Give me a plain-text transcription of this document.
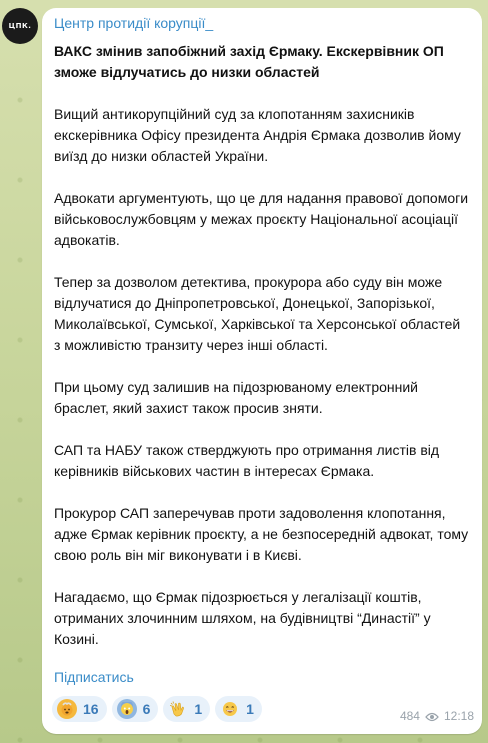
ЦПК. Центр протидії корупції_

ВАКС змінив запобіжний захід Єрмаку. Екскервівник ОП зможе відлучатись до низки областей

Вищий антикорупційний суд за клопотанням захисників екскерівника Офісу президента Андрія Єрмака дозволив йому виїзд до низки областей України.

Адвокати аргументують, що це для надання правової допомоги військовослужбовцям у межах проєкту Національної асоціації адвокатів.

Тепер за дозволом детектива, прокурора або суду він може відлучатися до Дніпропетровської, Донецької, Запорізької, Миколаївської, Сумської, Харківської та Херсонської областей з можливістю транзиту через інші області.

При цьому суд залишив на підозрюваному електронний браслет, який захист також просив зняти.

САП та НАБУ також стверджують про отримання листів від керівників військових частин в інтересах Єрмака.

Прокурор САП заперечував проти задоволення клопотання, адже Єрмак керівник проєкту, а не безпосередній адвокат, тому свою роль він міг виконувати і в Києві.

Нагадаємо, що Єрмак підозрюється у легалізації коштів, отриманих злочинним шляхом, на будівництві “Династії” у Козині.

Підписатись
16	6	1	1	484 12:18
